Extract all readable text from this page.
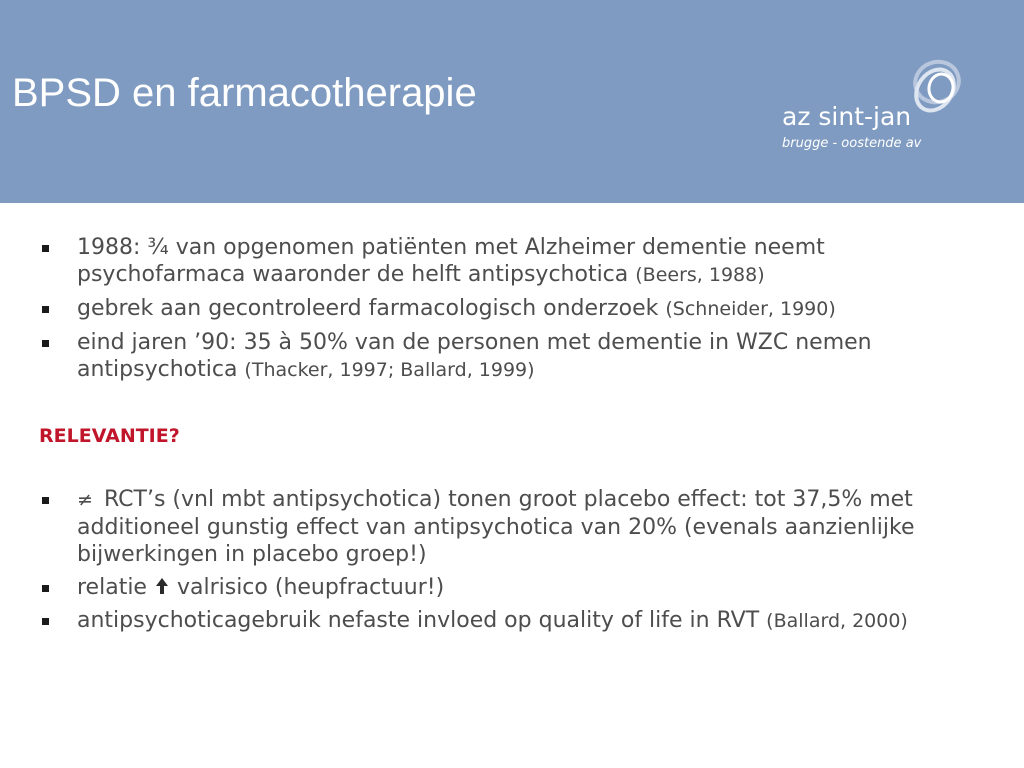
BPSD en farmacotherapie
az sint-jan
brugge - oostende av
1988: ¾ van opgenomen patiënten met Alzheimer dementie neemt psychofarmaca waaronder de helft antipsychotica (Beers, 1988)
gebrek aan gecontroleerd farmacologisch onderzoek (Schneider, 1990)
eind jaren ’90: 35 à 50% van de personen met dementie in WZC nemen antipsychotica (Thacker, 1997; Ballard, 1999)
RELEVANTIE?
≠ RCT’s (vnl mbt antipsychotica) tonen groot placebo effect: tot 37,5% met additioneel gunstig effect van antipsychotica van 20% (evenals aanzienlijke bijwerkingen in placebo groep!)
relatie  valrisico (heupfractuur!)
antipsychoticagebruik nefaste invloed op quality of life in RVT (Ballard, 2000)
